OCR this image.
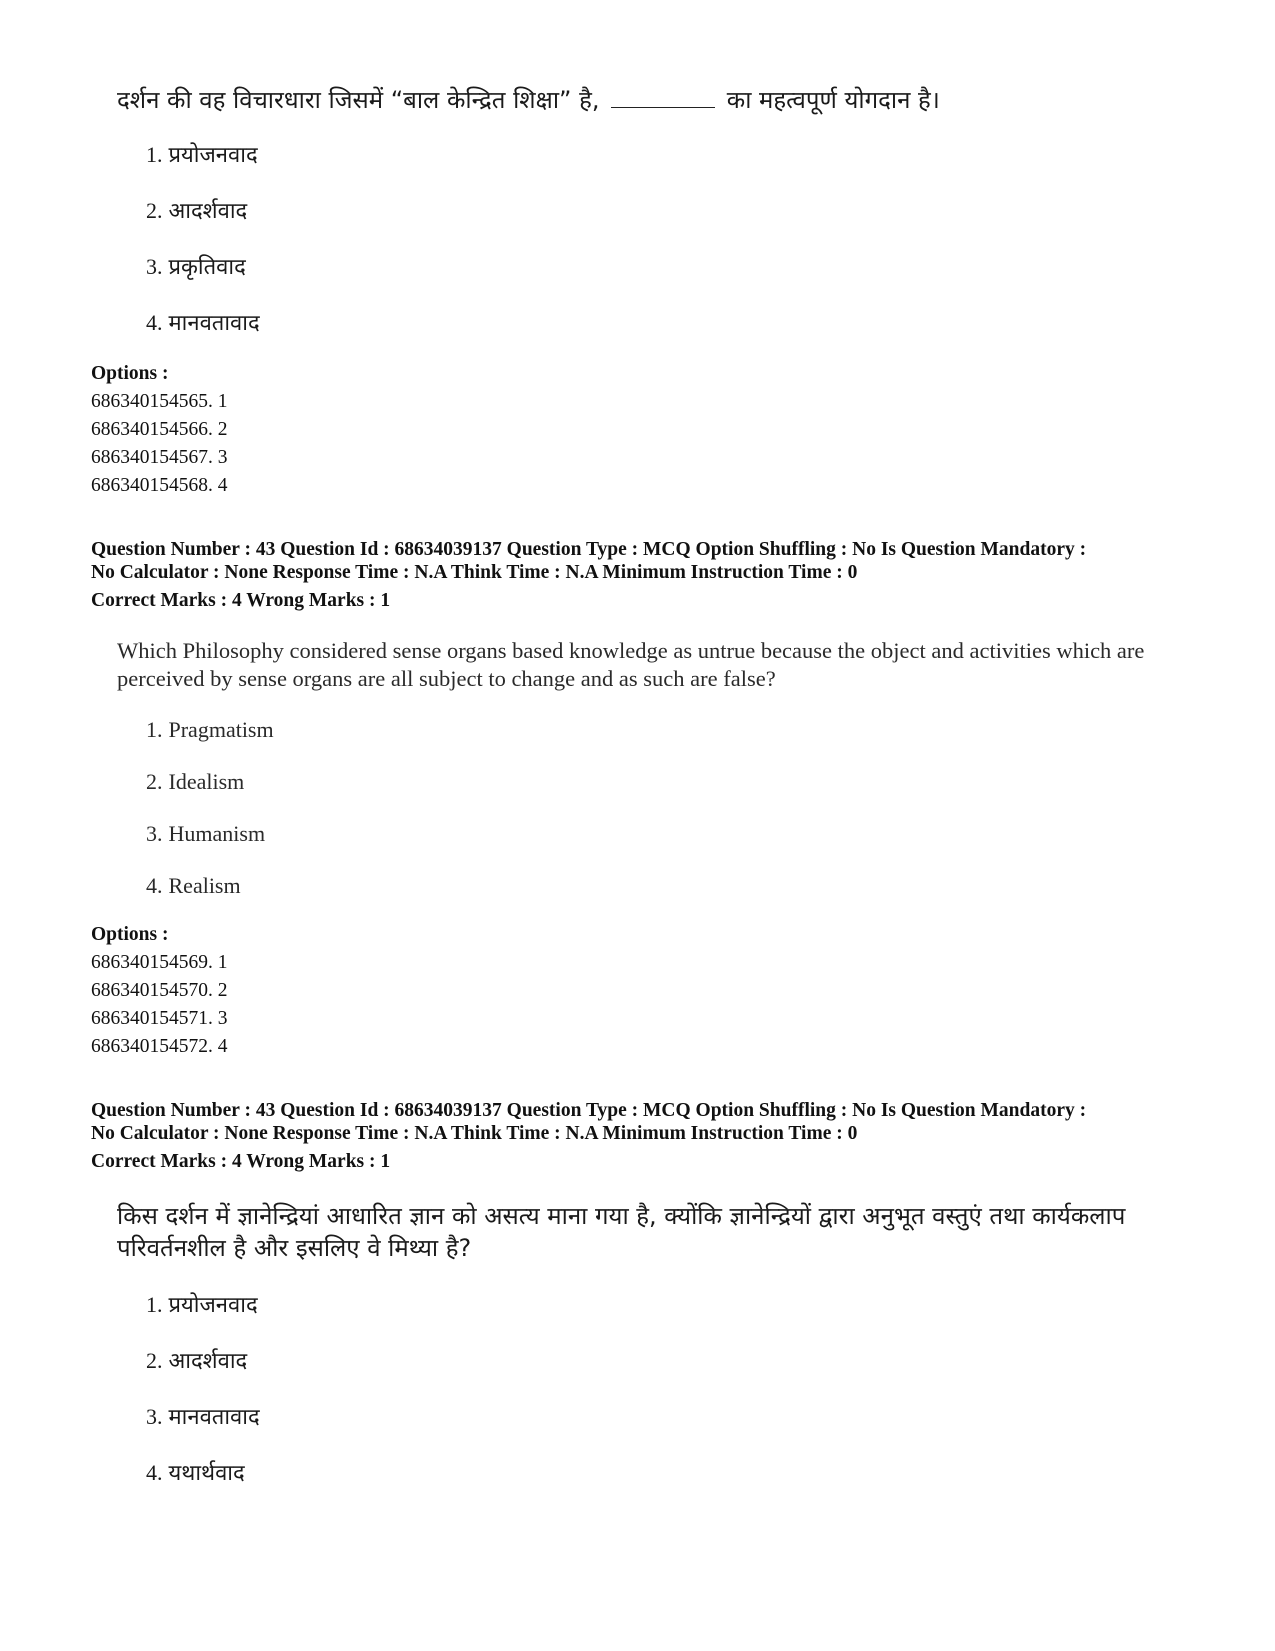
दर्शन की वह विचारधारा जिसमें “बाल केन्द्रित शिक्षा” है,	का महत्वपूर्ण योगदान है।
1. प्रयोजनवाद
2. आदर्शवाद
3. प्रकृतिवाद
4. मानवतावाद
Options :
686340154565. 1
686340154566. 2
686340154567. 3
686340154568. 4
Question Number : 43 Question Id : 68634039137 Question Type : MCQ Option Shuffling : No Is Question Mandatory :
No Calculator : None Response Time : N.A Think Time : N.A Minimum Instruction Time : 0
Correct Marks : 4 Wrong Marks : 1
Which Philosophy considered sense organs based knowledge as untrue because the object and activities which are perceived by sense organs are all subject to change and as such are false?
1. Pragmatism
2. Idealism
3. Humanism
4. Realism
Options :
686340154569. 1
686340154570. 2
686340154571. 3
686340154572. 4
Question Number : 43 Question Id : 68634039137 Question Type : MCQ Option Shuffling : No Is Question Mandatory :
No Calculator : None Response Time : N.A Think Time : N.A Minimum Instruction Time : 0
Correct Marks : 4 Wrong Marks : 1
किस दर्शन में ज्ञानेन्द्रियां आधारित ज्ञान को असत्य माना गया है, क्योंकि ज्ञानेन्द्रियों द्वारा अनुभूत वस्तुएं तथा कार्यकलाप
परिवर्तनशील है और इसलिए वे मिथ्या है?
1. प्रयोजनवाद
2. आदर्शवाद
3. मानवतावाद
4. यथार्थवाद
